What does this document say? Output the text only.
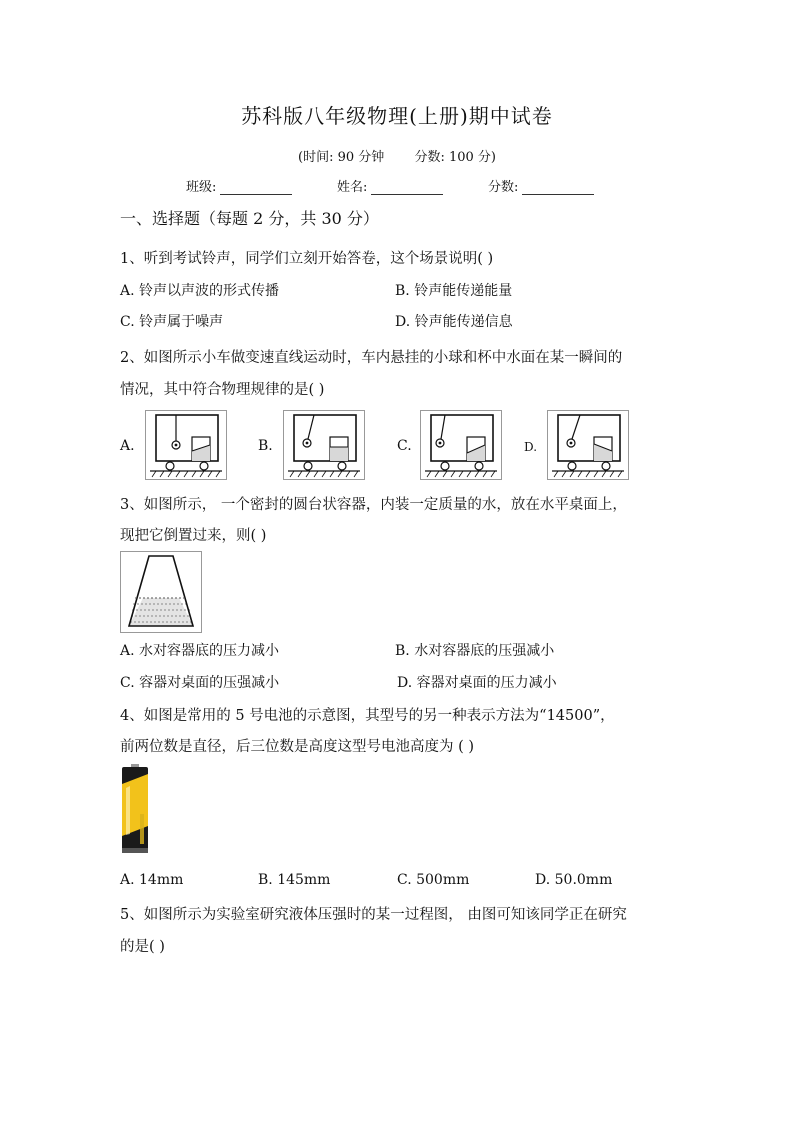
苏科版八年级物理(上册)期中试卷
(时间: 90 分钟 分数: 100 分)
班级:	姓名:	分数:
一、选择题（每题 2 分，共 30 分）
1、听到考试铃声，同学们立刻开始答卷，这个场景说明( )
A. 铃声以声波的形式传播	B. 铃声能传递能量
C. 铃声属于噪声	D. 铃声能传递信息
2、如图所示小车做变速直线运动时，车内悬挂的小球和杯中水面在某一瞬间的
情况，其中符合物理规律的是( )
A.	B.	C.	D.
3、如图所示， 一个密封的圆台状容器，内装一定质量的水，放在水平桌面上，
现把它倒置过来，则( )
A. 水对容器底的压力减小	B. 水对容器底的压强减小
C. 容器对桌面的压强减小	D. 容器对桌面的压力减小
4、如图是常用的 5 号电池的示意图，其型号的另一种表示方法为“14500”，
前两位数是直径，后三位数是高度这型号电池高度为 ( )
A. 14mm	B. 145mm	C. 500mm	D. 50.0mm
5、如图所示为实验室研究液体压强时的某一过程图， 由图可知该同学正在研究
的是( )
